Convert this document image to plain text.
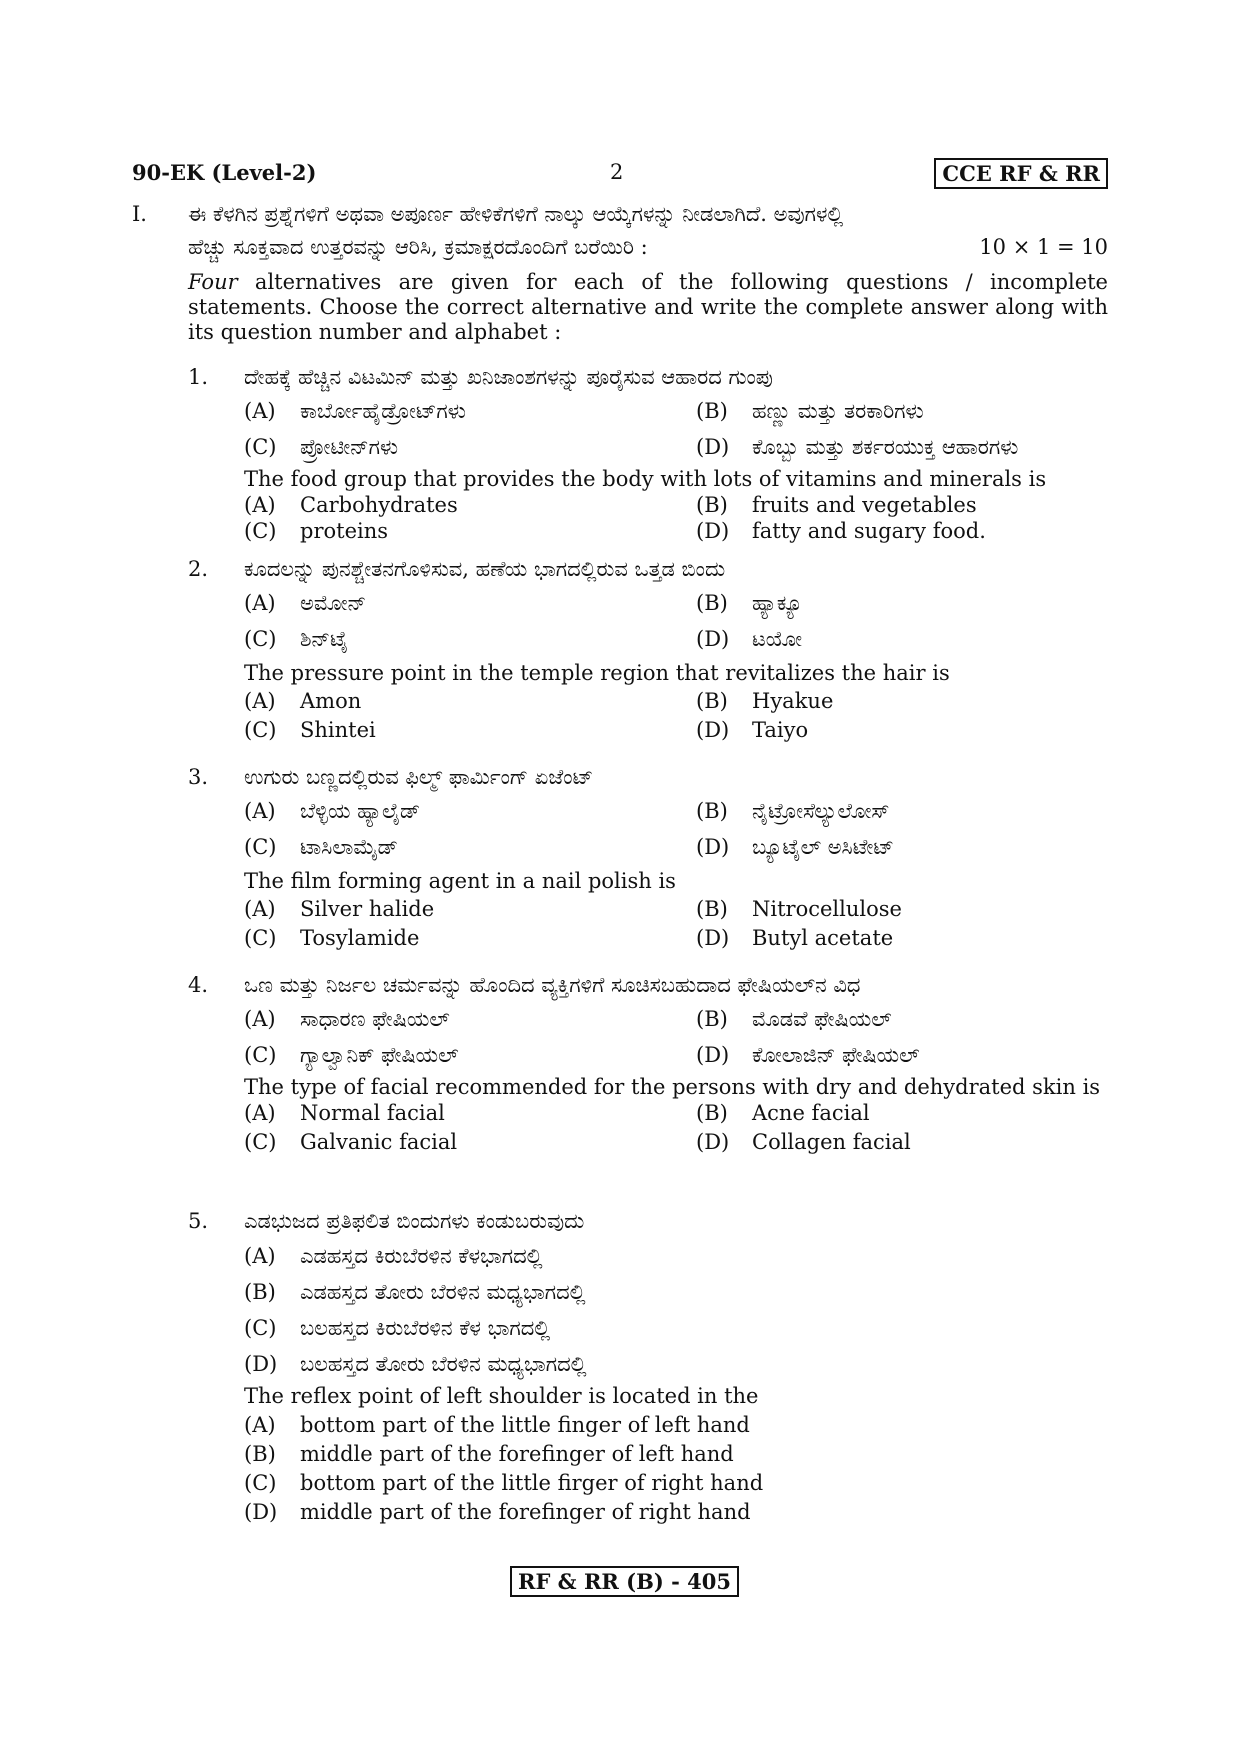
90-EK (Level-2)	2	CCE RF & RR
I. ಈ ಕೆಳಗಿನ ಪ್ರಶ್ನೆಗಳಿಗೆ ಅಥವಾ ಅಪೂರ್ಣ ಹೇಳಿಕೆಗಳಿಗೆ ನಾಲ್ಕು ಆಯ್ಕೆಗಳನ್ನು ನೀಡಲಾಗಿದೆ. ಅವುಗಳಲ್ಲಿ
ಹೆಚ್ಚು ಸೂಕ್ತವಾದ ಉತ್ತರವನ್ನು ಆರಿಸಿ, ಕ್ರಮಾಕ್ಷರದೊಂದಿಗೆ ಬರೆಯಿರಿ :	10 × 1 = 10
Four alternatives are given for each of the following questions / incomplete statements. Choose the correct alternative and write the complete answer along with its question number and alphabet :
1. ದೇಹಕ್ಕೆ ಹೆಚ್ಚಿನ ವಿಟಮಿನ್ ಮತ್ತು ಖನಿಜಾಂಶಗಳನ್ನು ಪೂರೈಸುವ ಆಹಾರದ ಗುಂಪು
(A) ಕಾರ್ಬೋಹೈಡ್ರೋಟ್‌ಗಳು	(B) ಹಣ್ಣು ಮತ್ತು ತರಕಾರಿಗಳು
(C) ಪ್ರೋಟೀನ್‌ಗಳು	(D) ಕೊಬ್ಬು ಮತ್ತು ಶರ್ಕರಯುಕ್ತ ಆಹಾರಗಳು
The food group that provides the body with lots of vitamins and minerals is
(A) Carbohydrates	(B) fruits and vegetables
(C) proteins	(D) fatty and sugary food.
2. ಕೂದಲನ್ನು ಪುನಶ್ಚೇತನಗೊಳಿಸುವ, ಹಣೆಯ ಭಾಗದಲ್ಲಿರುವ ಒತ್ತಡ ಬಿಂದು
(A) ಅಮೋನ್	(B) ಹ್ಯಾಕ್ಯೂ
(C) ಶಿನ್‌ಟೈ	(D) ಟಯೋ
The pressure point in the temple region that revitalizes the hair is
(A) Amon	(B) Hyakue
(C) Shintei	(D) Taiyo
3. ಉಗುರು ಬಣ್ಣದಲ್ಲಿರುವ ಫಿಲ್ಮ್ ಫಾರ್ಮಿಂಗ್ ಏಜೆಂಟ್
(A) ಬೆಳ್ಳಿಯ ಹ್ಯಾಲೈಡ್	(B) ನೈಟ್ರೋಸೆಲ್ಯುಲೋಸ್
(C) ಟಾಸಿಲಾಮೈಡ್	(D) ಬ್ಯೂಟೈಲ್ ಅಸಿಟೇಟ್
The film forming agent in a nail polish is
(A) Silver halide	(B) Nitrocellulose
(C) Tosylamide	(D) Butyl acetate
4. ಒಣ ಮತ್ತು ನಿರ್ಜಲ ಚರ್ಮವನ್ನು ಹೊಂದಿದ ವ್ಯಕ್ತಿಗಳಿಗೆ ಸೂಚಿಸಬಹುದಾದ ಫೇಷಿಯಲ್‌ನ ವಿಧ
(A) ಸಾಧಾರಣ ಫೇಷಿಯಲ್	(B) ಮೊಡವೆ ಫೇಷಿಯಲ್
(C) ಗ್ಯಾಲ್ವಾನಿಕ್ ಫೇಷಿಯಲ್	(D) ಕೋಲಾಜಿನ್ ಫೇಷಿಯಲ್
The type of facial recommended for the persons with dry and dehydrated skin is
(A) Normal facial	(B) Acne facial
(C) Galvanic facial	(D) Collagen facial
5. ಎಡಭುಜದ ಪ್ರತಿಫಲಿತ ಬಿಂದುಗಳು ಕಂಡುಬರುವುದು
(A) ಎಡಹಸ್ತದ ಕಿರುಬೆರಳಿನ ಕೆಳಭಾಗದಲ್ಲಿ
(B) ಎಡಹಸ್ತದ ತೋರು ಬೆರಳಿನ ಮಧ್ಯಭಾಗದಲ್ಲಿ
(C) ಬಲಹಸ್ತದ ಕಿರುಬೆರಳಿನ ಕೆಳ ಭಾಗದಲ್ಲಿ
(D) ಬಲಹಸ್ತದ ತೋರು ಬೆರಳಿನ ಮಧ್ಯಭಾಗದಲ್ಲಿ
The reflex point of left shoulder is located in the
(A) bottom part of the little finger of left hand
(B) middle part of the forefinger of left hand
(C) bottom part of the little firger of right hand
(D) middle part of the forefinger of right hand
RF & RR (B) - 405
